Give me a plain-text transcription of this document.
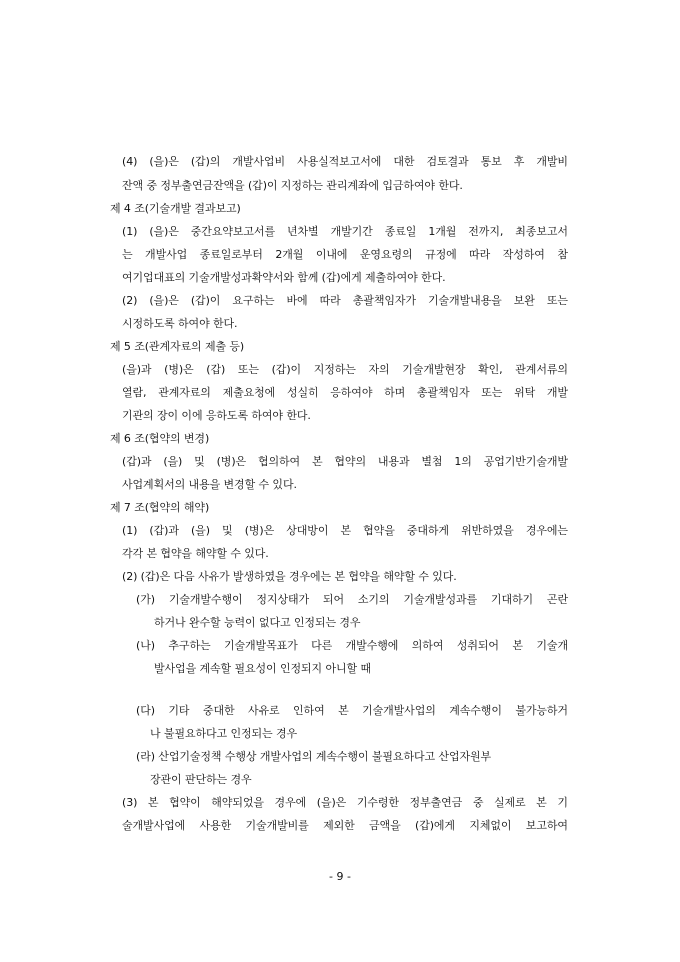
(4) (을)은 (갑)의 개발사업비 사용실적보고서에 대한 검토결과 통보 후 개발비
잔액 중 정부출연금잔액을 (갑)이 지정하는 관리계좌에 입금하여야 한다.
제 4 조(기술개발 결과보고)
(1) (을)은 중간요약보고서를 년차별 개발기간 종료일 1개월 전까지, 최종보고서
는 개발사업 종료일로부터 2개월 이내에 운영요령의 규정에 따라 작성하여 참
여기업대표의 기술개발성과확약서와 함께 (갑)에게 제출하여야 한다.
(2) (을)은 (갑)이 요구하는 바에 따라 총괄책임자가 기술개발내용을 보완 또는
시정하도록 하여야 한다.
제 5 조(관계자료의 제출 등)
(을)과 (병)은 (갑) 또는 (갑)이 지정하는 자의 기술개발현장 확인, 관계서류의
열람, 관계자료의 제출요청에 성실히 응하여야 하며 총괄책임자 또는 위탁 개발
기관의 장이 이에 응하도록 하여야 한다.
제 6 조(협약의 변경)
(갑)과 (을) 및 (병)은 협의하여 본 협약의 내용과 별첨 1의 공업기반기술개발
사업계획서의 내용을 변경할 수 있다.
제 7 조(협약의 해약)
(1) (갑)과 (을) 및 (병)은 상대방이 본 협약을 중대하게 위반하였을 경우에는
각각 본 협약을 해약할 수 있다.
(2) (갑)은 다음 사유가 발생하였을 경우에는 본 협약을 해약할 수 있다.
(가) 기술개발수행이 정지상태가 되어 소기의 기술개발성과를 기대하기 곤란
하거나 완수할 능력이 없다고 인정되는 경우
(나) 추구하는 기술개발목표가 다른 개발수행에 의하여 성취되어 본 기술개
발사업을 계속할 필요성이 인정되지 아니할 때
(다) 기타 중대한 사유로 인하여 본 기술개발사업의 계속수행이 불가능하거
나 불필요하다고 인정되는 경우
(라) 산업기술정책 수행상 개발사업의 계속수행이 불필요하다고 산업자원부
장관이 판단하는 경우
(3) 본 협약이 해약되었을 경우에 (을)은 기수령한 정부출연금 중 실제로 본 기
술개발사업에 사용한 기술개발비를 제외한 금액을 (갑)에게 지체없이 보고하여
- 9 -
